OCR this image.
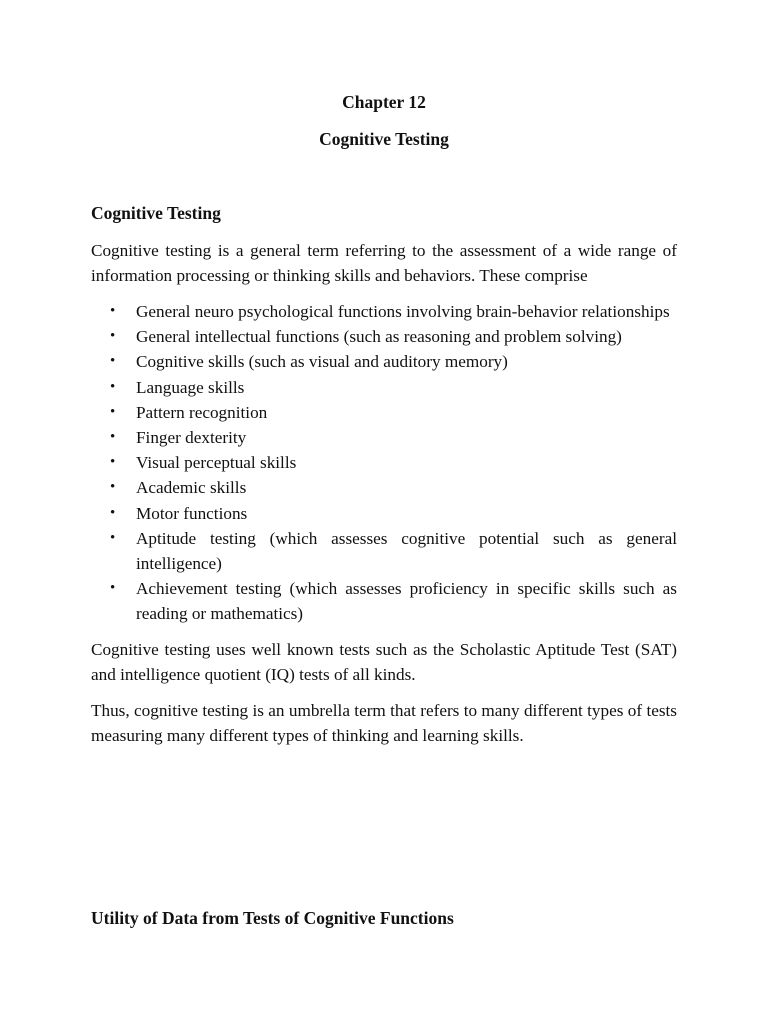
Chapter 12
Cognitive Testing
Cognitive Testing

Cognitive testing is a general term referring to the assessment of a wide range of information processing or thinking skills and behaviors. These comprise

• General neuro psychological functions involving brain-behavior relationships
• General intellectual functions (such as reasoning and problem solving)
• Cognitive skills (such as visual and auditory memory)
• Language skills
• Pattern recognition
• Finger dexterity
• Visual perceptual skills
• Academic skills
• Motor functions
• Aptitude testing (which assesses cognitive potential such as general intelligence)
• Achievement testing (which assesses proficiency in specific skills such as reading or mathematics)

Cognitive testing uses well known tests such as the Scholastic Aptitude Test (SAT) and intelligence quotient (IQ) tests of all kinds.

Thus, cognitive testing is an umbrella term that refers to many different types of tests measuring many different types of thinking and learning skills.

Utility of Data from Tests of Cognitive Functions
